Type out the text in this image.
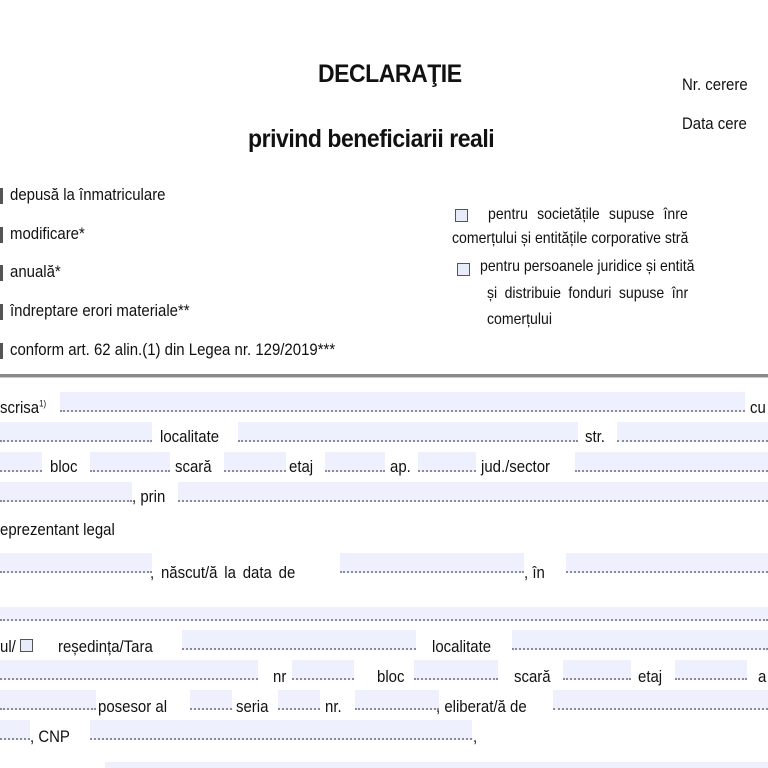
DECLARAŢIE
privind beneficiarii reali
Nr. cerere
Data cere
depusă la înmatriculare
modificare*
anuală*
îndreptare erori materiale**
conform art. 62 alin.(1) din Legea nr. 129/2019***
pentru societățile supuse înre
comerțului și entitățile corporative stră
pentru persoanele juridice și entită
și distribuie fonduri supuse înr
comerțului
scrisa$^{1)}$	cu
localitate	str.
bloc	scară	etaj	ap.	jud./sector
, prin
eprezentant legal
, născut/ă la data de	, în
ul/ reședința/Tara	localitate
nr	bloc	scară	etaj	a
posesor al	seria	nr.	, eliberat/ă de
, CNP	,
